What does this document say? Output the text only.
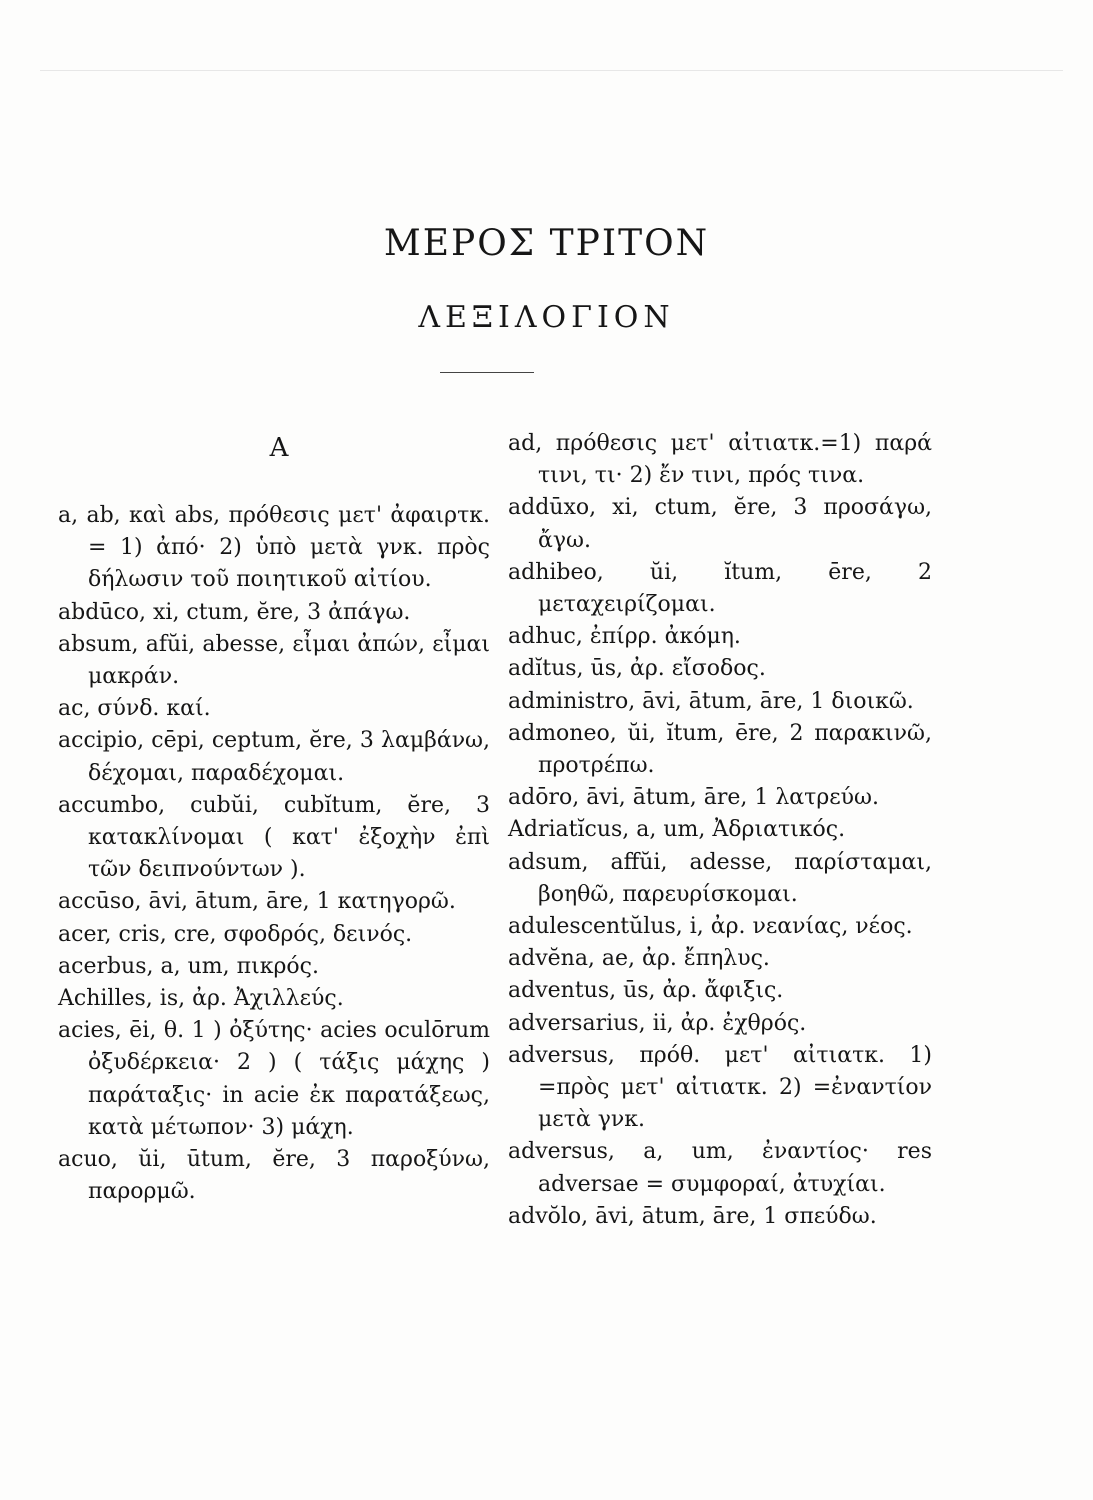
ΜΕΡΟΣ ΤΡΙΤΟΝ
ΛΕΞΙΛΟΓΙΟΝ
A
a, ab, καὶ abs, πρόθεσις μετ' ἀφαιρτκ. = 1) ἀπό· 2) ὑπὸ μετὰ γνκ. πρὸς δήλωσιν τοῦ ποιητικοῦ αἰτίου.
abdūco, xi, ctum, ĕre, 3 ἀπάγω.
absum, afŭi, abesse, εἶμαι ἀπών, εἶμαι μακράν.
ac, σύνδ. καί.
accipio, cēpi, ceptum, ĕre, 3 λαμβάνω, δέχομαι, παραδέχομαι.
accumbo, cubŭi, cubĭtum, ĕre, 3 κατακλίνομαι ( κατ' ἐξοχὴν ἐπὶ τῶν δειπνούντων ).
accūso, āvi, ātum, āre, 1 κατηγορῶ.
acer, cris, cre, σφοδρός, δεινός.
acerbus, a, um, πικρός.
Achilles, is, ἀρ. Ἀχιλλεύς.
acies, ēi, θ. 1 ) ὀξύτης· acies oculōrum ὀξυδέρκεια· 2 ) ( τάξις μάχης ) παράταξις· in acie ἐκ παρατάξεως, κατὰ μέτωπον· 3) μάχη.
acuo, ŭi, ūtum, ĕre, 3 παροξύνω, παρορμῶ.
ad, πρόθεσις μετ' αἰτιατκ.=1) παρά τινι, τι· 2) ἔν τινι, πρός τινα.
addūxo, xi, ctum, ĕre, 3 προσάγω, ἄγω.
adhibeo, ŭi, ĭtum, ēre, 2 μεταχειρίζομαι.
adhuc, ἐπίρρ. ἀκόμη.
adĭtus, ūs, ἀρ. εἴσοδος.
administro, āvi, ātum, āre, 1 διοικῶ.
admoneo, ŭi, ĭtum, ēre, 2 παρακινῶ, προτρέπω.
adōro, āvi, ātum, āre, 1 λατρεύω.
Adriatĭcus, a, um, Ἀδριατικός.
adsum, affŭi, adesse, παρίσταμαι, βοηθῶ, παρευρίσκομαι.
adulescentŭlus, i, ἀρ. νεανίας, νέος.
advĕna, ae, ἀρ. ἔπηλυς.
adventus, ūs, ἀρ. ἄφιξις.
adversarius, ii, ἀρ. ἐχθρός.
adversus, πρόθ. μετ' αἰτιατκ. 1) =πρὸς μετ' αἰτιατκ. 2) =ἐναντίον μετὰ γνκ.
adversus, a, um, ἐναντίος· res adversae = συμφοραί, ἀτυχίαι.
advŏlo, āvi, ātum, āre, 1 σπεύδω.
